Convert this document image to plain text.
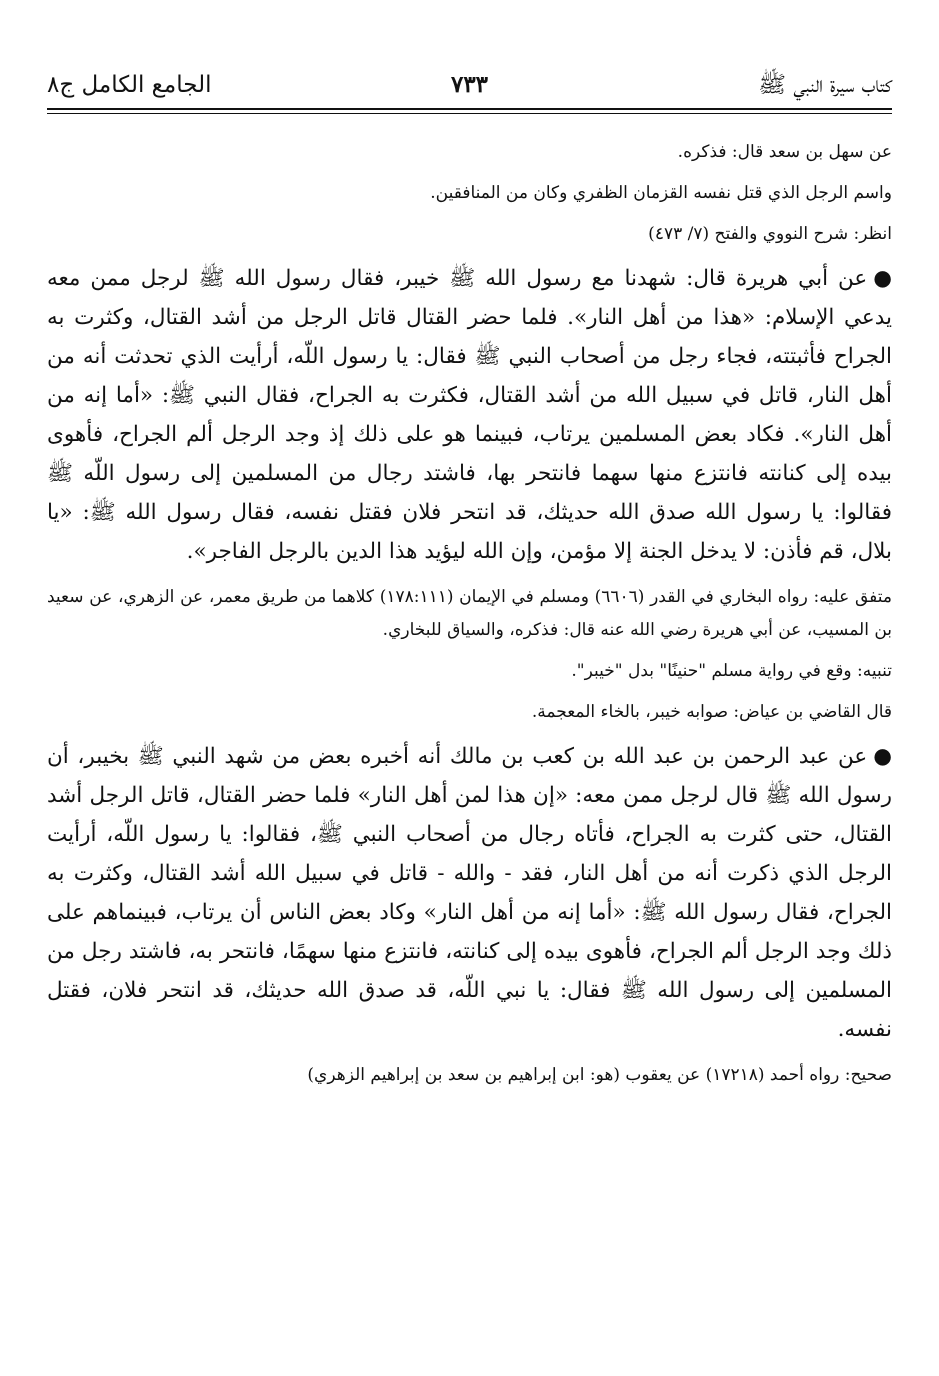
كتاب سيرة النبي ﷺ
٧٣٣
الجامع الكامل ج٨

عن سهل بن سعد قال: فذكره.

واسم الرجل الذي قتل نفسه القزمان الظفري وكان من المنافقين.

انظر: شرح النووي والفتح (٧/ ٤٧٣)

●عن أبي هريرة قال: شهدنا مع رسول الله ﷺ خيبر، فقال رسول الله ﷺ لرجل ممن معه يدعي الإسلام: «هذا من أهل النار». فلما حضر القتال قاتل الرجل من أشد القتال، وكثرت به الجراح فأثبتته، فجاء رجل من أصحاب النبي ﷺ فقال: يا رسول اللّه، أرأيت الذي تحدثت أنه من أهل النار، قاتل في سبيل الله من أشد القتال، فكثرت به الجراح، فقال النبي ﷺ: «أما إنه من أهل النار». فكاد بعض المسلمين يرتاب، فبينما هو على ذلك إذ وجد الرجل ألم الجراح، فأهوى بيده إلى كنانته فانتزع منها سهما فانتحر بها، فاشتد رجال من المسلمين إلى رسول اللّه ﷺ فقالوا: يا رسول الله صدق الله حديثك، قد انتحر فلان فقتل نفسه، فقال رسول الله ﷺ: «يا بلال، قم فأذن: لا يدخل الجنة إلا مؤمن، وإن الله ليؤيد هذا الدين بالرجل الفاجر».

متفق عليه: رواه البخاري في القدر (٦٦٠٦) ومسلم في الإيمان (١٧٨:١١١) كلاهما من طريق معمر، عن الزهري، عن سعيد بن المسيب، عن أبي هريرة رضي الله عنه قال: فذكره، والسياق للبخاري.

تنبيه: وقع في رواية مسلم "حنينًا" بدل "خيبر".

قال القاضي بن عياض: صوابه خيبر، بالخاء المعجمة.

●عن عبد الرحمن بن عبد الله بن كعب بن مالك أنه أخبره بعض من شهد النبي ﷺ بخيبر، أن رسول الله ﷺ قال لرجل ممن معه: «إن هذا لمن أهل النار» فلما حضر القتال، قاتل الرجل أشد القتال، حتى كثرت به الجراح، فأتاه رجال من أصحاب النبي ﷺ، فقالوا: يا رسول اللّه، أرأيت الرجل الذي ذكرت أنه من أهل النار، فقد - والله - قاتل في سبيل الله أشد القتال، وكثرت به الجراح، فقال رسول الله ﷺ: «أما إنه من أهل النار» وكاد بعض الناس أن يرتاب، فبينماهم على ذلك وجد الرجل ألم الجراح، فأهوى بيده إلى كنانته، فانتزع منها سهمًا، فانتحر به، فاشتد رجل من المسلمين إلى رسول الله ﷺ فقال: يا نبي اللّه، قد صدق الله حديثك، قد انتحر فلان، فقتل نفسه.

صحيح: رواه أحمد (١٧٢١٨) عن يعقوب (هو: ابن إبراهيم بن سعد بن إبراهيم الزهري)
